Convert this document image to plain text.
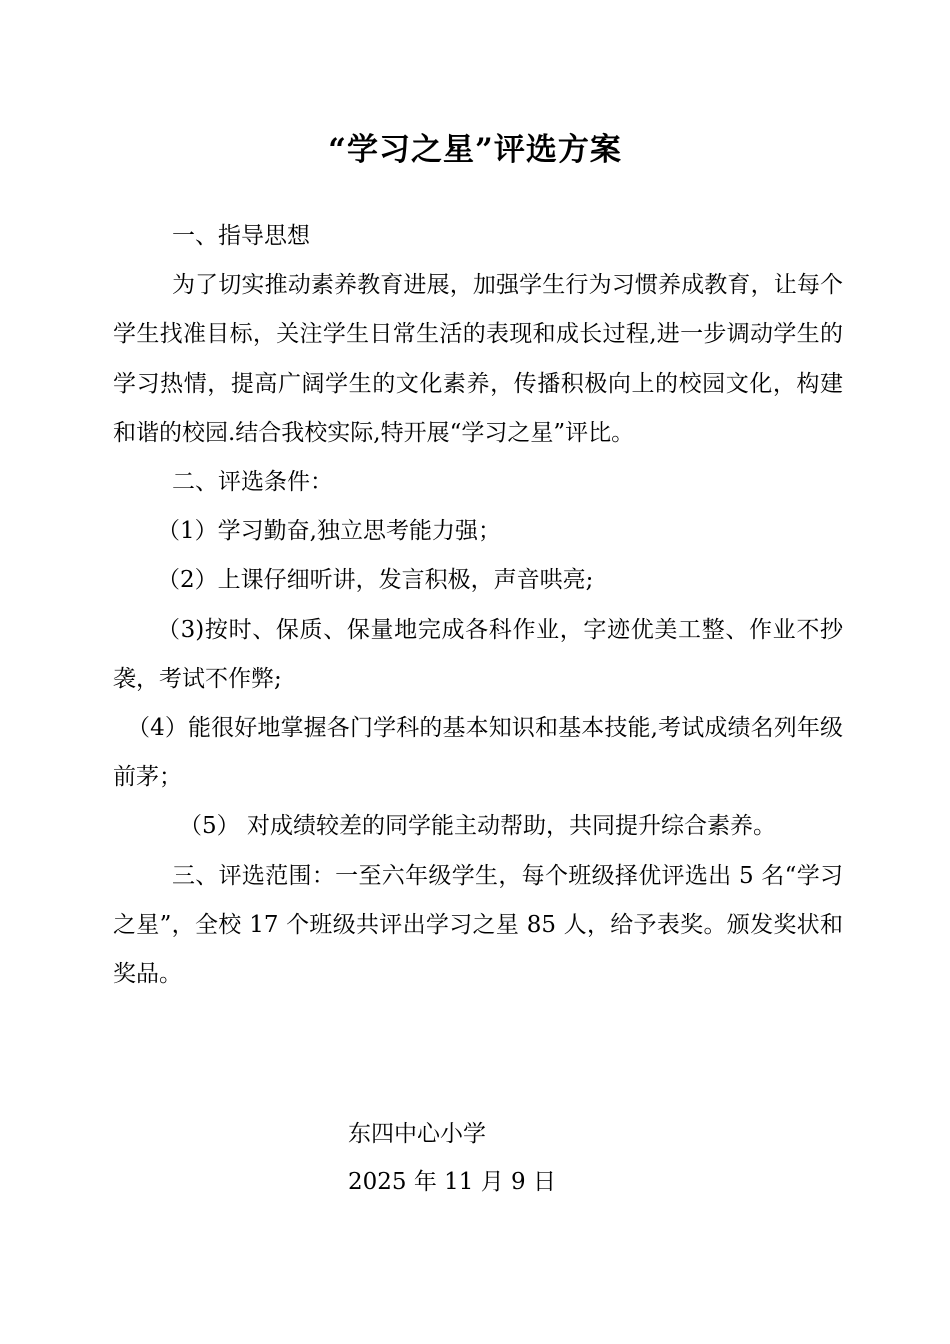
“学习之星”评选方案

一、指导思想

为了切实推动素养教育进展，加强学生行为习惯养成教育，让每个学生找准目标，关注学生日常生活的表现和成长过程,进一步调动学生的学习热情，提高广阔学生的文化素养，传播积极向上的校园文化，构建和谐的校园.结合我校实际,特开展“学习之星”评比。

二、评选条件：

（1）学习勤奋,独立思考能力强；

（2）上课仔细听讲，发言积极，声音哄亮;

（3)按时、保质、保量地完成各科作业，字迹优美工整、作业不抄袭，考试不作弊;

（4）能很好地掌握各门学科的基本知识和基本技能,考试成绩名列年级前茅；

（5） 对成绩较差的同学能主动帮助，共同提升综合素养。

三、评选范围：一至六年级学生，每个班级择优评选出 5 名“学习之星”，全校 17 个班级共评出学习之星 85 人，给予表奖。颁发奖状和奖品。

东四中心小学
2025 年 11 月 9 日
